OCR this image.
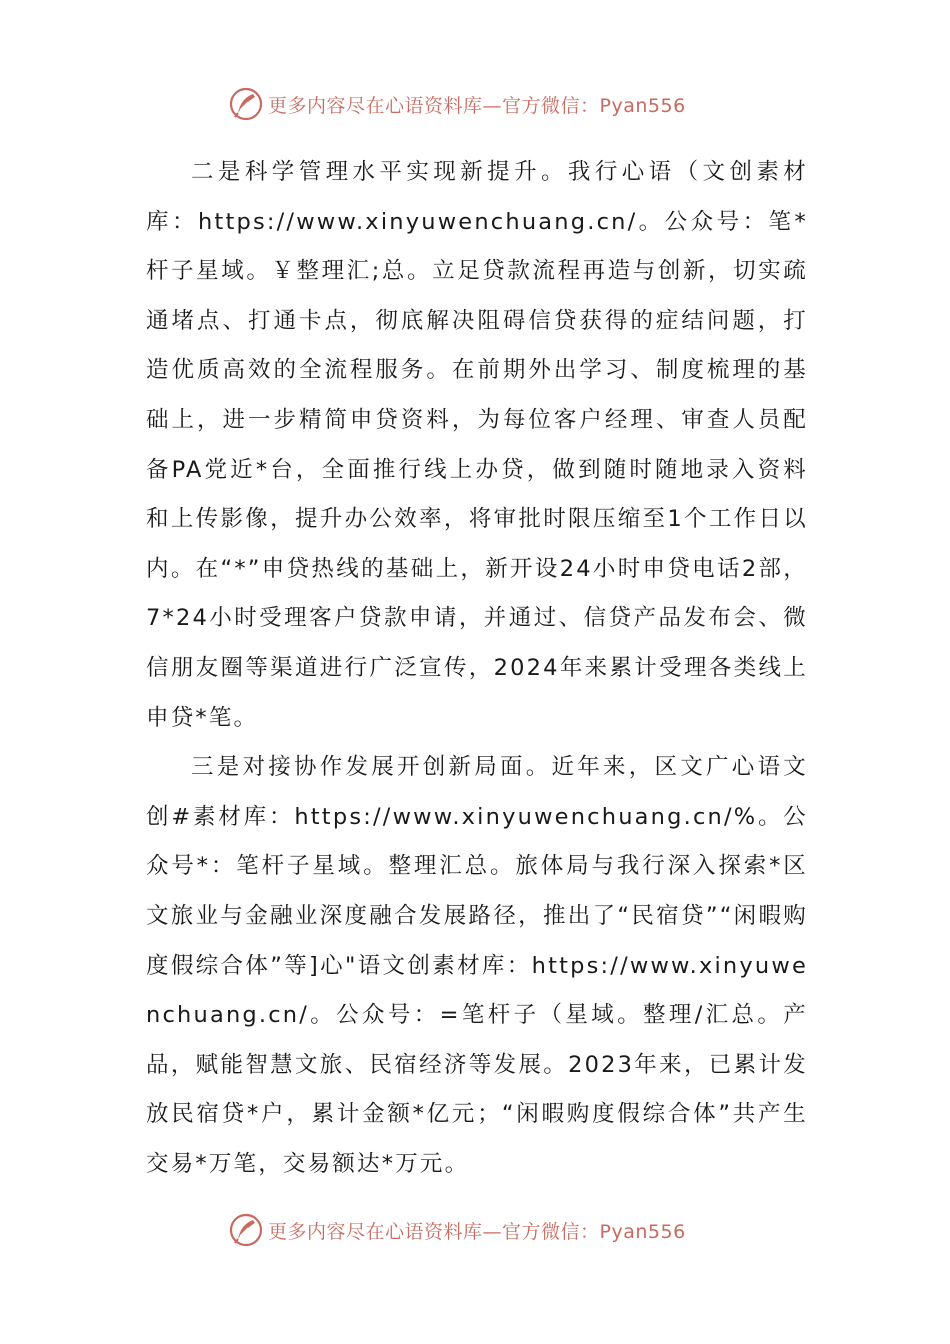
更多内容尽在心语资料库—官方微信：Pyan556

二是科学管理水平实现新提升。我行心语（文创素材库：https://www.xinyuwenchuang.cn/。公众号：笔*杆子星域。￥整理汇;总。立足贷款流程再造与创新，切实疏通堵点、打通卡点，彻底解决阻碍信贷获得的症结问题，打造优质高效的全流程服务。在前期外出学习、制度梳理的基础上，进一步精简申贷资料，为每位客户经理、审查人员配备PA党近*台，全面推行线上办贷，做到随时随地录入资料和上传影像，提升办公效率，将审批时限压缩至1个工作日以内。在“*”申贷热线的基础上，新开设24小时申贷电话2部，7*24小时受理客户贷款申请，并通过、信贷产品发布会、微信朋友圈等渠道进行广泛宣传，2024年来累计受理各类线上申贷*笔。

三是对接协作发展开创新局面。近年来，区文广心语文创#素材库：https://www.xinyuwenchuang.cn/%。公众号*：笔杆子星域。整理汇总。旅体局与我行深入探索*区文旅业与金融业深度融合发展路径，推出了“民宿贷”“闲暇购度假综合体”等]心"语文创素材库：https://www.xinyuwenchuang.cn/。公众号：=笔杆子（星域。整理/汇总。产品，赋能智慧文旅、民宿经济等发展。2023年来，已累计发放民宿贷*户，累计金额*亿元；“闲暇购度假综合体”共产生交易*万笔，交易额达*万元。

更多内容尽在心语资料库—官方微信：Pyan556
